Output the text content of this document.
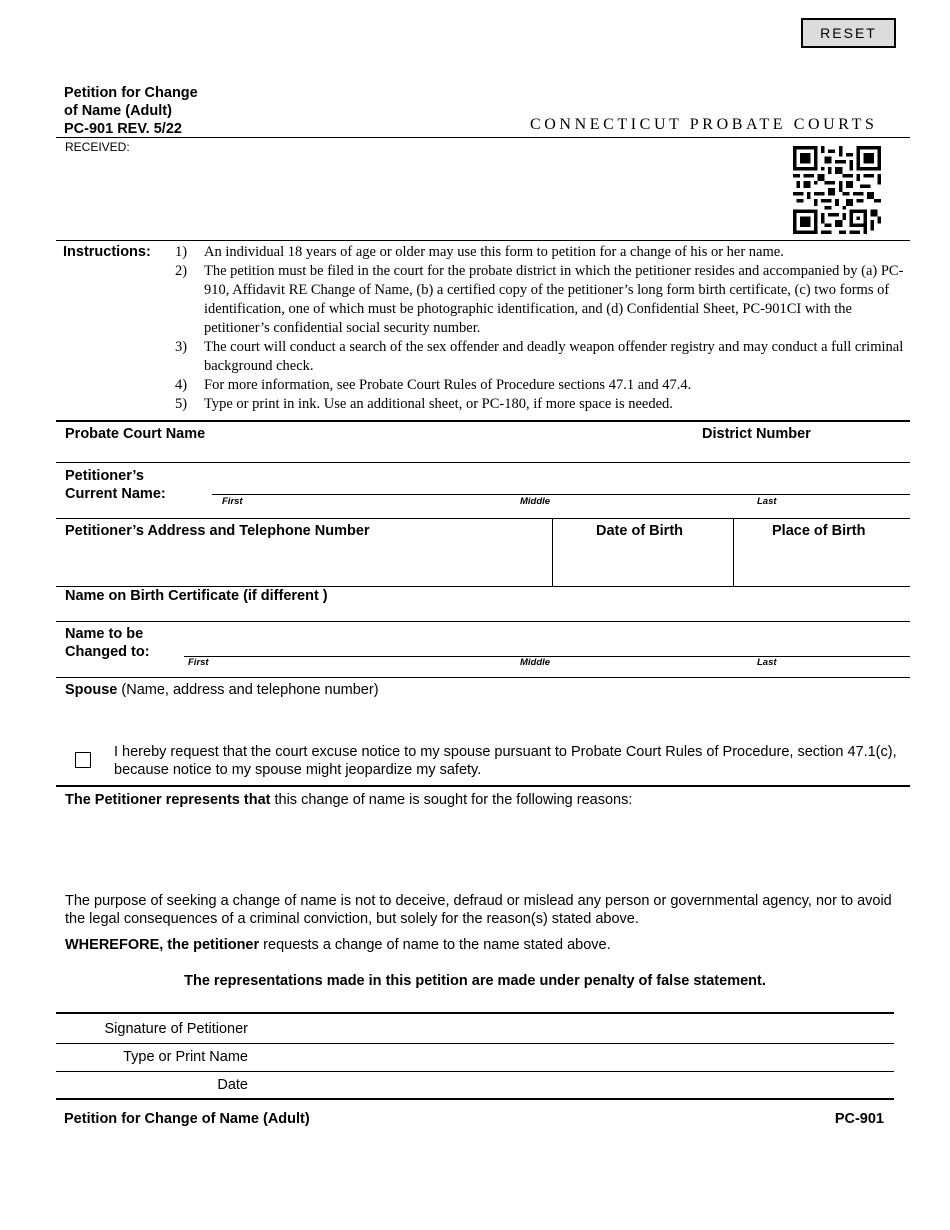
RESET
Petition for Change
of Name (Adult)
PC-901 REV. 5/22	CONNECTICUT PROBATE COURTS
RECEIVED:
Instructions: 1)	An individual 18 years of age or older may use this form to petition for a change of his or her name.
2)	The petition must be filed in the court for the probate district in which the petitioner resides and accompanied by (a) PC-910, Affidavit RE Change of Name, (b) a certified copy of the petitioner’s long form birth certificate, (c) two forms of identification, one of which must be photographic identification, and (d) Confidential Sheet, PC-901CI with the petitioner’s confidential social security number.
3)	The court will conduct a search of the sex offender and deadly weapon offender registry and may conduct a full criminal background check.
4)	For more information, see Probate Court Rules of Procedure sections 47.1 and 47.4.
5)	Type or print in ink. Use an additional sheet, or PC-180, if more space is needed.
Probate Court Name	District Number
Petitioner’s
Current Name:	First	Middle	Last
Petitioner’s Address and Telephone Number	Date of Birth	Place of Birth
Name on Birth Certificate (if different )
Name to be
Changed to:
First	Middle	Last
Spouse (Name, address and telephone number)
I hereby request that the court excuse notice to my spouse pursuant to Probate Court Rules of Procedure, section 47.1(c), because notice to my spouse might jeopardize my safety.
The Petitioner represents that this change of name is sought for the following reasons:
The purpose of seeking a change of name is not to deceive, defraud or mislead any person or governmental agency, nor to avoid the legal consequences of a criminal conviction, but solely for the reason(s) stated above.
WHEREFORE, the petitioner requests a change of name to the name stated above.
The representations made in this petition are made under penalty of false statement.
Signature of Petitioner
Type or Print Name
Date
Petition for Change of Name (Adult)	PC-901
